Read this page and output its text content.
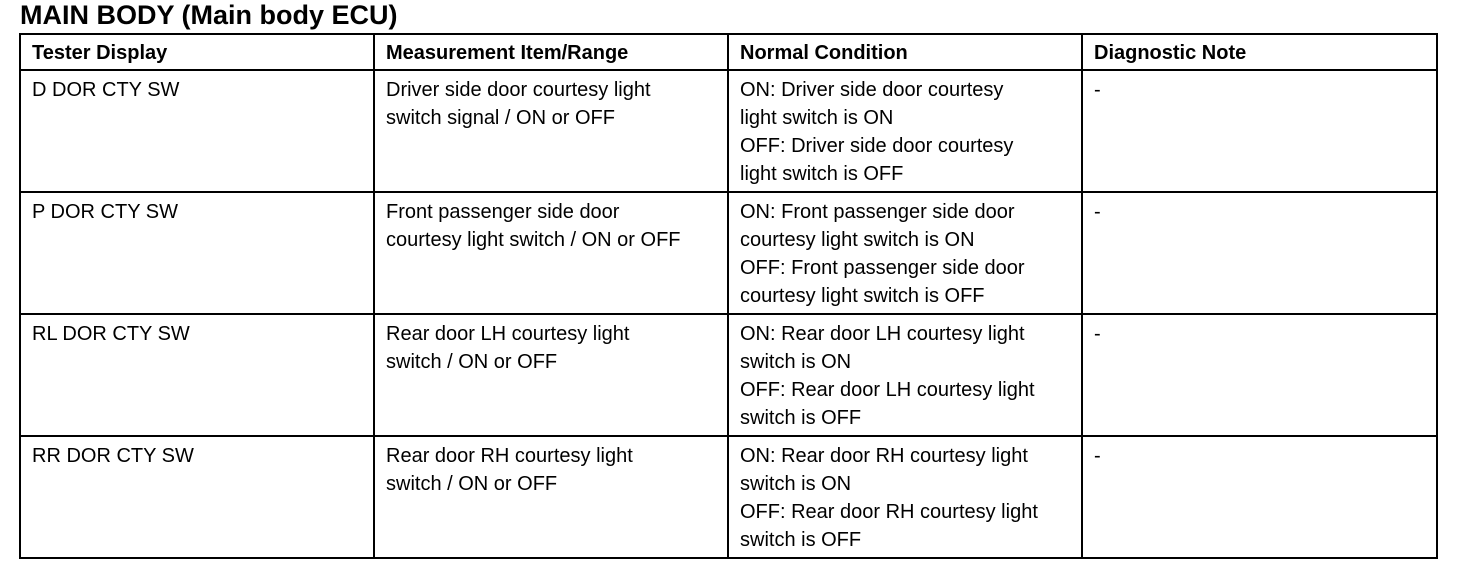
MAIN BODY (Main body ECU)
Tester Display	Measurement Item/Range	Normal Condition	Diagnostic Note
D DOR CTY SW	Driver side door courtesy light
switch signal / ON or OFF	ON: Driver side door courtesy
light switch is ON
OFF: Driver side door courtesy
light switch is OFF	-
P DOR CTY SW	Front passenger side door
courtesy light switch / ON or OFF	ON: Front passenger side door
courtesy light switch is ON
OFF: Front passenger side door
courtesy light switch is OFF	-
RL DOR CTY SW	Rear door LH courtesy light
switch / ON or OFF	ON: Rear door LH courtesy light
switch is ON
OFF: Rear door LH courtesy light
switch is OFF	-
RR DOR CTY SW	Rear door RH courtesy light
switch / ON or OFF	ON: Rear door RH courtesy light
switch is ON
OFF: Rear door RH courtesy light
switch is OFF	-
